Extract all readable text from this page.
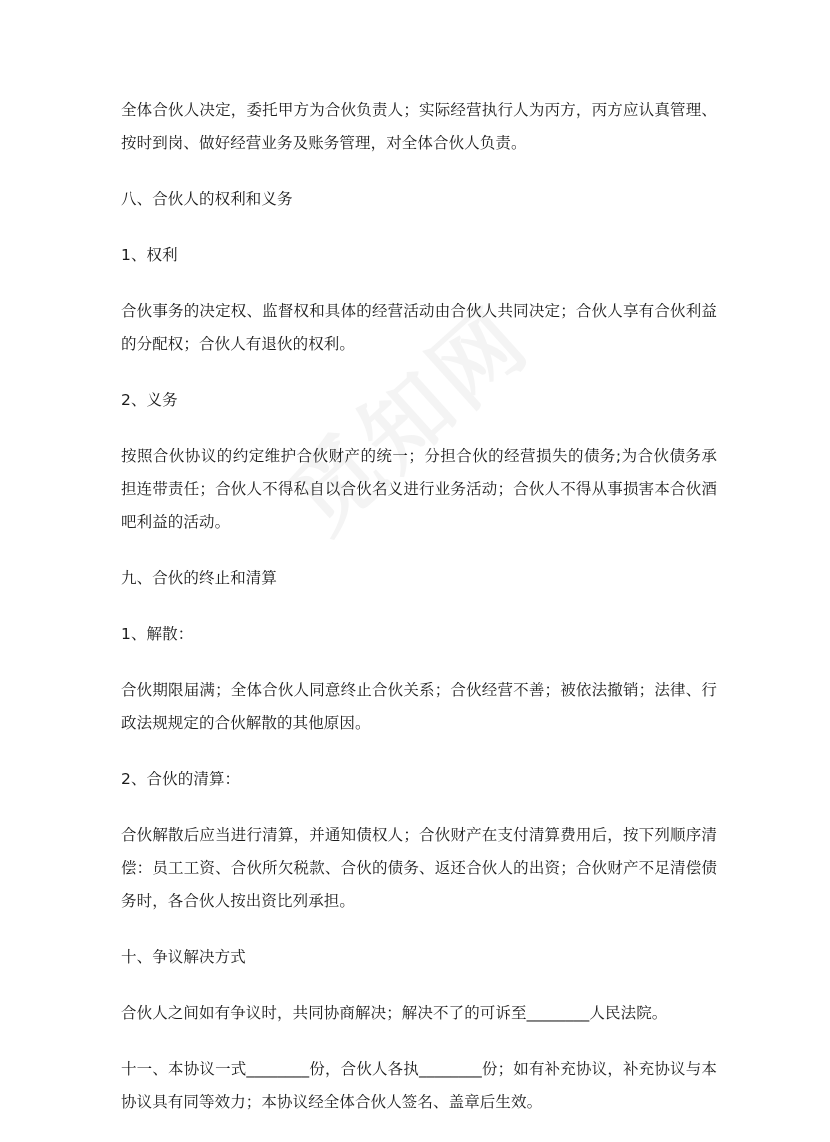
全体合伙人决定，委托甲方为合伙负责人；实际经营执行人为丙方，丙方应认真管理、按时到岗、做好经营业务及账务管理，对全体合伙人负责。

八、合伙人的权利和义务

1、权利

合伙事务的决定权、监督权和具体的经营活动由合伙人共同决定；合伙人享有合伙利益的分配权；合伙人有退伙的权利。

2、义务

按照合伙协议的约定维护合伙财产的统一；分担合伙的经营损失的债务;为合伙债务承担连带责任；合伙人不得私自以合伙名义进行业务活动；合伙人不得从事损害本合伙酒吧利益的活动。

九、合伙的终止和清算

1、解散：

合伙期限届满；全体合伙人同意终止合伙关系；合伙经营不善；被依法撤销；法律、行政法规规定的合伙解散的其他原因。

2、合伙的清算：

合伙解散后应当进行清算，并通知债权人；合伙财产在支付清算费用后，按下列顺序清偿：员工工资、合伙所欠税款、合伙的债务、返还合伙人的出资；合伙财产不足清偿债务时，各合伙人按出资比列承担。

十、争议解决方式

合伙人之间如有争议时，共同协商解决；解决不了的可诉至________人民法院。

十一、本协议一式________份，合伙人各执________份；如有补充协议，补充协议与本协议具有同等效力；本协议经全体合伙人签名、盖章后生效。
